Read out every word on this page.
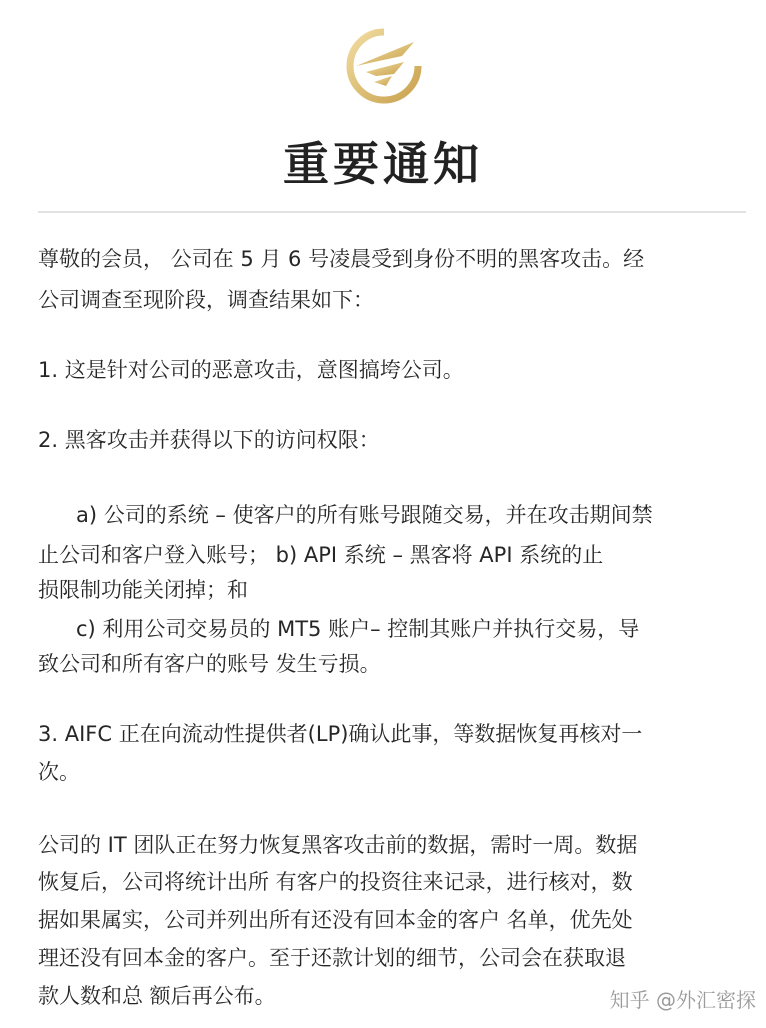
重要通知
尊敬的会员， 公司在 5 月 6 号凌晨受到身份不明的黑客攻击。经
公司调查至现阶段，调查结果如下：
1. 这是针对公司的恶意攻击，意图搞垮公司。
2. 黑客攻击并获得以下的访问权限：
a) 公司的系统 – 使客户的所有账号跟随交易，并在攻击期间禁
止公司和客户登入账号； b) API 系统 – 黑客将 API 系统的止
损限制功能关闭掉；和
c) 利用公司交易员的 MT5 账户– 控制其账户并执行交易，导
致公司和所有客户的账号 发生亏损。
3. AIFC 正在向流动性提供者(LP)确认此事，等数据恢复再核对一
次。
公司的 IT 团队正在努力恢复黑客攻击前的数据，需时一周。数据
恢复后，公司将统计出所 有客户的投资往来记录，进行核对，数
据如果属实，公司并列出所有还没有回本金的客户 名单，优先处
理还没有回本金的客户。至于还款计划的细节，公司会在获取退
款人数和总 额后再公布。	知乎 @外汇密探
